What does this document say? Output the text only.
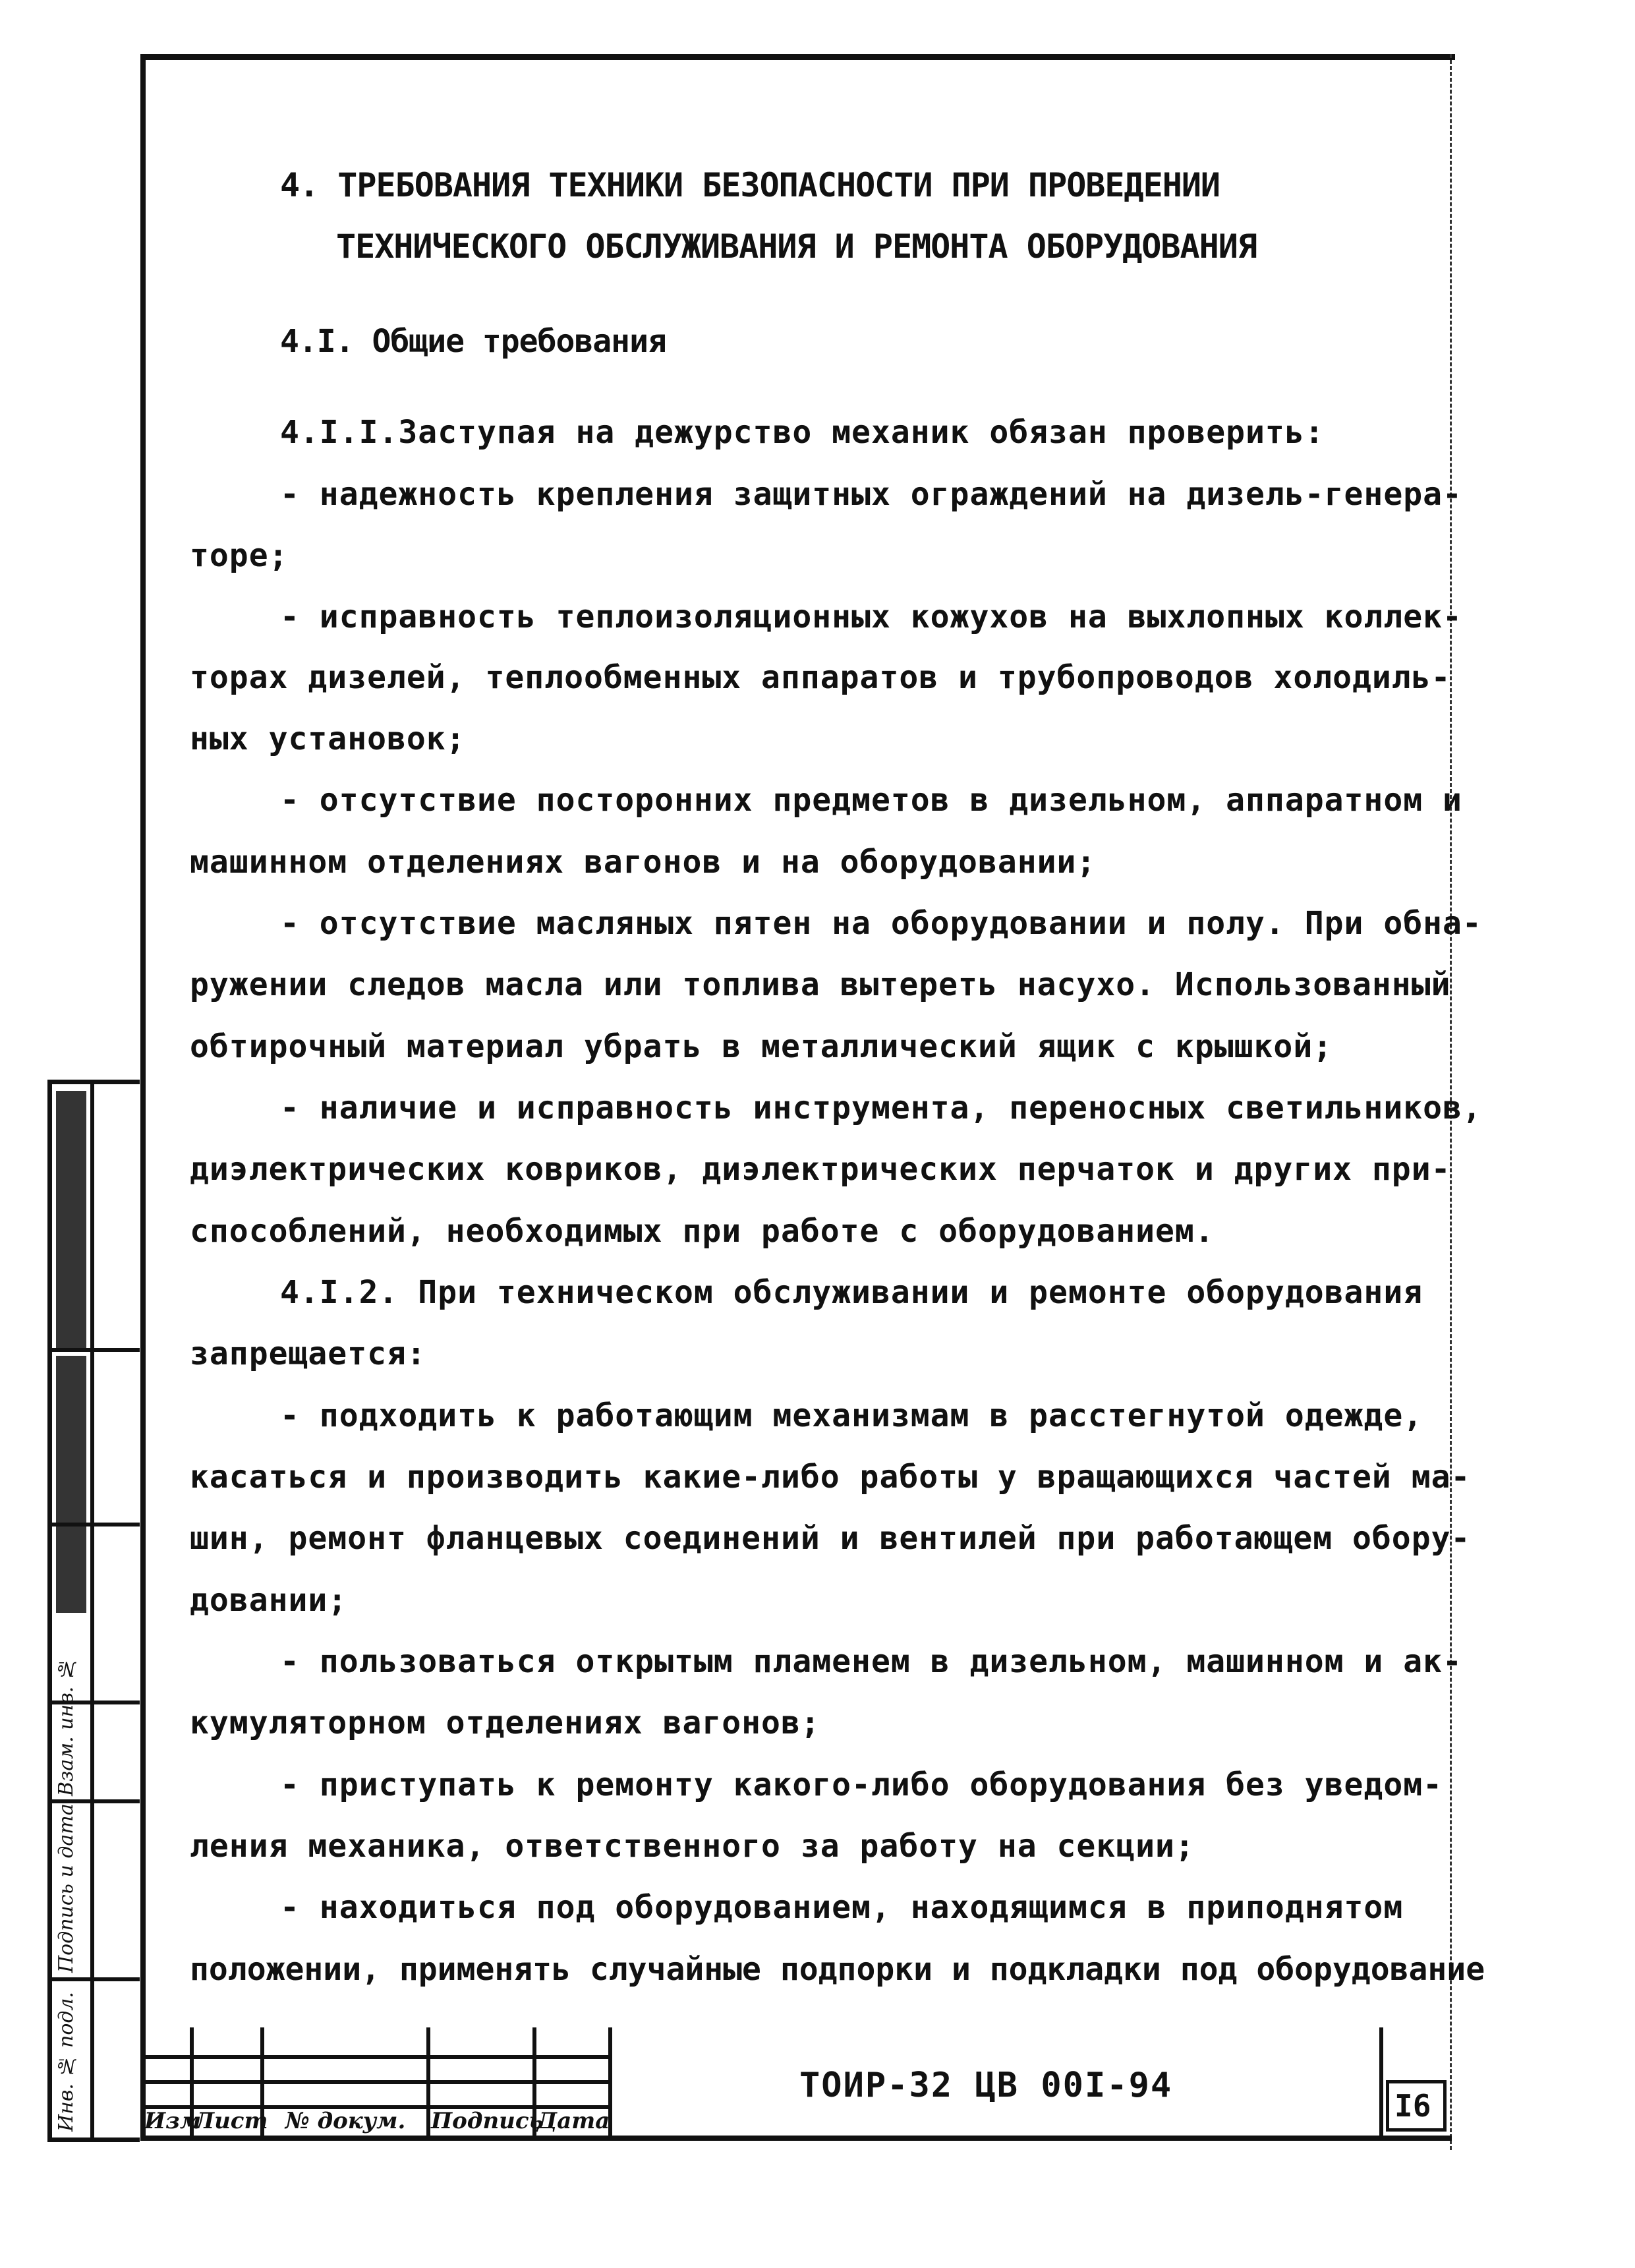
4. ТРЕБОВАНИЯ ТЕХНИКИ БЕЗОПАСНОСТИ ПРИ ПРОВЕДЕНИИ
ТЕХНИЧЕСКОГО ОБСЛУЖИВАНИЯ И РЕМОНТА ОБОРУДОВАНИЯ
4.I. Общие требования
4.I.I.Заступая на дежурство механик обязан проверить:
- надежность крепления защитных ограждений на дизель-генера-
торе;
- исправность теплоизоляционных кожухов на выхлопных коллек-
торах дизелей, теплообменных аппаратов и трубопроводов холодиль-
ных установок;
- отсутствие посторонних предметов в дизельном, аппаратном и
машинном отделениях вагонов и на оборудовании;
- отсутствие масляных пятен на оборудовании и полу. При обна-
ружении следов масла или топлива вытереть насухо. Использованный
обтирочный материал убрать в металлический ящик с крышкой;
- наличие и исправность инструмента, переносных светильников,
диэлектрических ковриков, диэлектрических перчаток и других при-
способлений, необходимых при работе с оборудованием.
4.I.2. При техническом обслуживании и ремонте оборудования
запрещается:
- подходить к работающим механизмам в расстегнутой одежде,
касаться и производить какие-либо работы у вращающихся частей ма-
шин, ремонт фланцевых соединений и вентилей при работающем обору-
довании;
- пользоваться открытым пламенем в дизельном, машинном и ак-
кумуляторном отделениях вагонов;
- приступать к ремонту какого-либо оборудования без уведом-
ления механика, ответственного за работу на секции;
- находиться под оборудованием, находящимся в приподнятом
положении, применять случайные подпорки и подкладки под оборудование
Взам. инв. №
Подпись и дата
Инв. № подл.	Изм
Лист № докум.	Подпись
Дата
ТОИР-32 ЦВ 00I-94
I6
